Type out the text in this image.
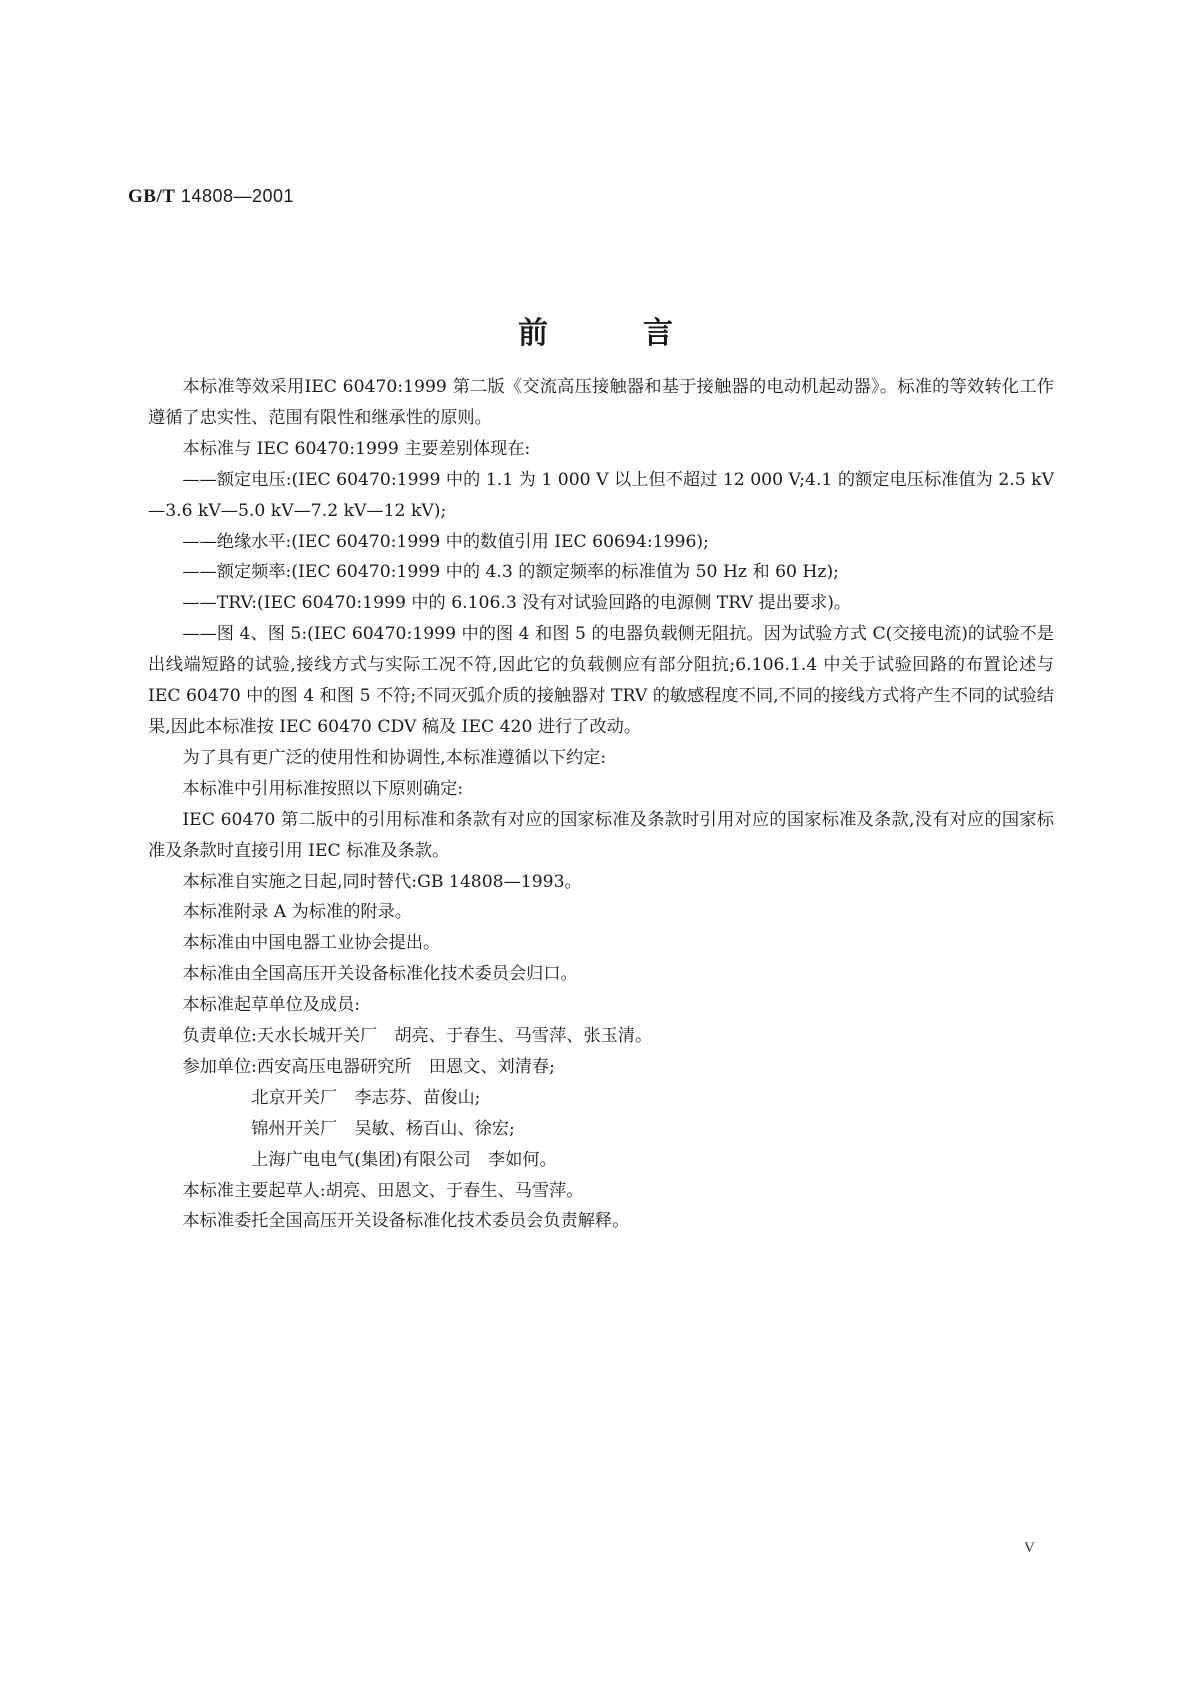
GB/T 14808—2001
前言

本标准等效采用IEC 60470:1999 第二版《交流高压接触器和基于接触器的电动机起动器》。标准的等效转化工作遵循了忠实性、范围有限性和继承性的原则。

本标准与 IEC 60470:1999 主要差别体现在:

——额定电压:(IEC 60470:1999 中的 1.1 为 1 000 V 以上但不超过 12 000 V;4.1 的额定电压标准值为 2.5 kV—3.6 kV—5.0 kV—7.2 kV—12 kV);

——绝缘水平:(IEC 60470:1999 中的数值引用 IEC 60694:1996);

——额定频率:(IEC 60470:1999 中的 4.3 的额定频率的标准值为 50 Hz 和 60 Hz);

——TRV:(IEC 60470:1999 中的 6.106.3 没有对试验回路的电源侧 TRV 提出要求)。

——图 4、图 5:(IEC 60470:1999 中的图 4 和图 5 的电器负载侧无阻抗。因为试验方式 C(交接电流)的试验不是出线端短路的试验,接线方式与实际工况不符,因此它的负载侧应有部分阻抗;6.106.1.4 中关于试验回路的布置论述与 IEC 60470 中的图 4 和图 5 不符;不同灭弧介质的接触器对 TRV 的敏感程度不同,不同的接线方式将产生不同的试验结果,因此本标准按 IEC 60470 CDV 稿及 IEC 420 进行了改动。

为了具有更广泛的使用性和协调性,本标准遵循以下约定:

本标准中引用标准按照以下原则确定:

IEC 60470 第二版中的引用标准和条款有对应的国家标准及条款时引用对应的国家标准及条款,没有对应的国家标准及条款时直接引用 IEC 标准及条款。

本标准自实施之日起,同时替代:GB 14808—1993。

本标准附录 A 为标准的附录。

本标准由中国电器工业协会提出。

本标准由全国高压开关设备标准化技术委员会归口。

本标准起草单位及成员:

负责单位:天水长城开关厂　胡亮、于春生、马雪萍、张玉清。
参加单位:西安高压电器研究所　田恩文、刘清春;
北京开关厂　李志芬、苗俊山;
锦州开关厂　吴敏、杨百山、徐宏;
上海广电电气(集团)有限公司　李如何。

本标准主要起草人:胡亮、田恩文、于春生、马雪萍。

本标准委托全国高压开关设备标准化技术委员会负责解释。

V
